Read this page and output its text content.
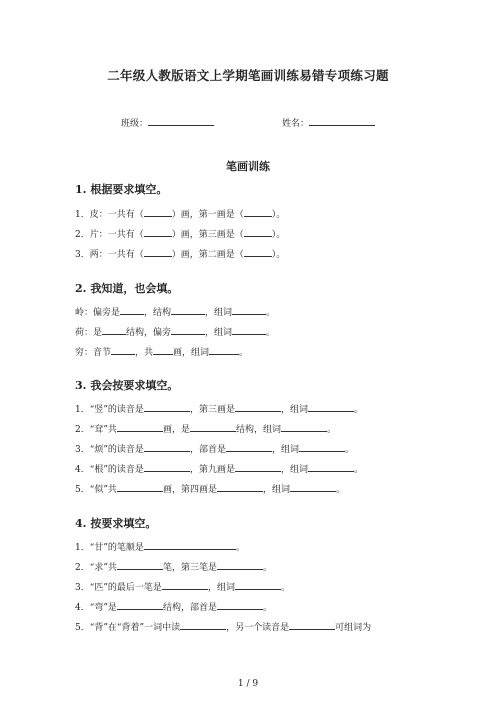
二年级人教版语文上学期笔画训练易错专项练习题
班级：	姓名：
笔画训练
1. 根据要求填空。
1．皮：一共有（	）画，第一画是（	）。
2．片：一共有（	）画，第三画是（	）。
3．两：一共有（	）画，第二画是（	）。
2. 我知道，也会填。
岭：偏旁是	，结构	，组词	。
荷：是	结构，偏旁	，组词	。
穷：音节	，共 画，组词	。
3. 我会按要求填空。
1．“竖”的读音是	，第三画是	，组词	。
2．“耷”共	画，是	结构，组词	。
3．“烦”的读音是	，部首是	，组词	。
4．“根”的读音是	，第九画是	，组词	。
5．“似”共	画，第四画是	，组词	。
4. 按要求填空。
1．“甘”的笔顺是	。
2．“求”共	笔，第三笔是	。
3．“匹”的最后一笔是	，组词	。
4．“弯”是	结构，部首是	。
5．“背”在“背着”一词中读	，另一个读音是	可组词为
1 / 9
